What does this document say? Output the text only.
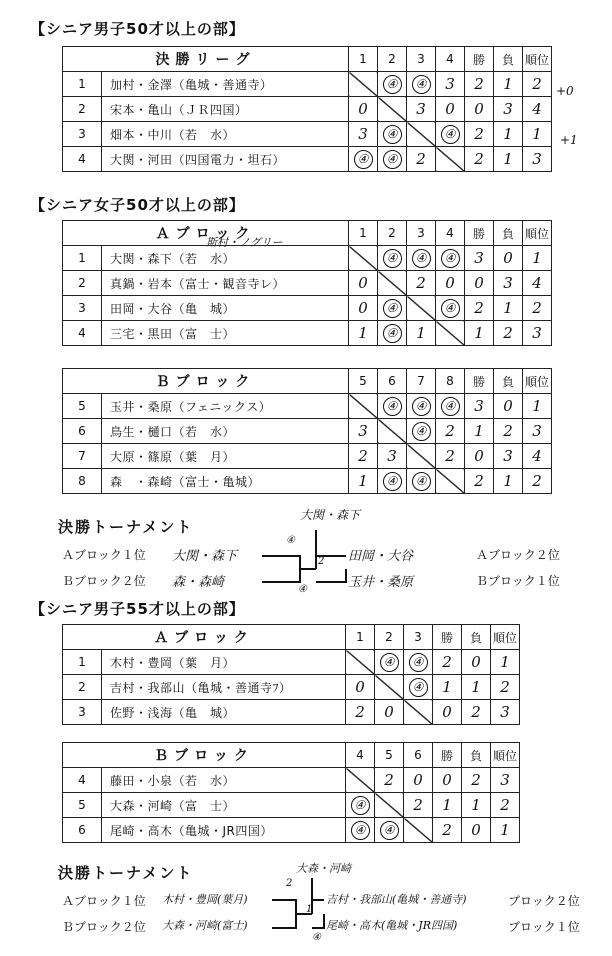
【シニア男子50才以上の部】
決勝リーグ		1	2	3	4	勝	負	順位
1	加村・金澤（亀城・善通寺）		④	④	3	2	1	2
2	宋本・亀山（ＪＲ四国）	0		3	0	0	3	4
3	畑本・中川（若　水）	3	④		④	2	1	1
4	大関・河田（四国電力・坦石）	④	④	2		2	1	3
+0
+1
【シニア女子50才以上の部】
斯村・ノグリー
Ａブロック		1	2	3	4	勝	負	順位
1	大関・森下（若　水）		④	④	④	3	0	1
2	真鍋・岩本（富士・観音寺レ）	0		2	0	0	3	4
3	田岡・大谷（亀　城）	0	④		④	2	1	2
4	三宅・黒田（富　士）	1	④	1		1	2	3
Ｂブロック		5	6	7	8	勝	負	順位
5	玉井・桑原（フェニックス）		④	④	④	3	0	1
6	鳥生・樋口（若　水）	3		④	2	1	2	3
7	大原・篠原（葉　月）	2	3		2	0	3	4
8	森　・森崎（富士・亀城）	1	④	④		2	1	2
決勝トーナメント
大関・森下
Ａブロック１位 大関・森下	田岡・大谷	Ａブロック２位
Ｂブロック２位 森・森崎	玉井・桑原	Ｂブロック１位
④
2
④
【シニア男子55才以上の部】
Ａブロック		1	2	3	勝	負	順位
1	木村・豊岡（葉　月）		④	④	2	0	1
2	吉村・我部山（亀城・善通寺ﾌ）	0		④	1	1	2
3	佐野・浅海（亀　城）	2	0		0	2	3
Ｂブロック		4	5	6	勝	負	順位
4	藤田・小泉（若　水）		2	0	0	2	3
5	大森・河崎（富　士）	④		2	1	1	2
6	尾崎・高木（亀城・JR四国）	④	④		2	0	1
決勝トーナメント	大森・河崎
Ａブロック１位 木村・豊岡(葉月)	吉村・我部山(亀城・善通寺)	ブロック２位
Ｂブロック２位 大森・河崎(富士)	尾崎・高木(亀城・JR四国)	ブロック１位
2
1
④
